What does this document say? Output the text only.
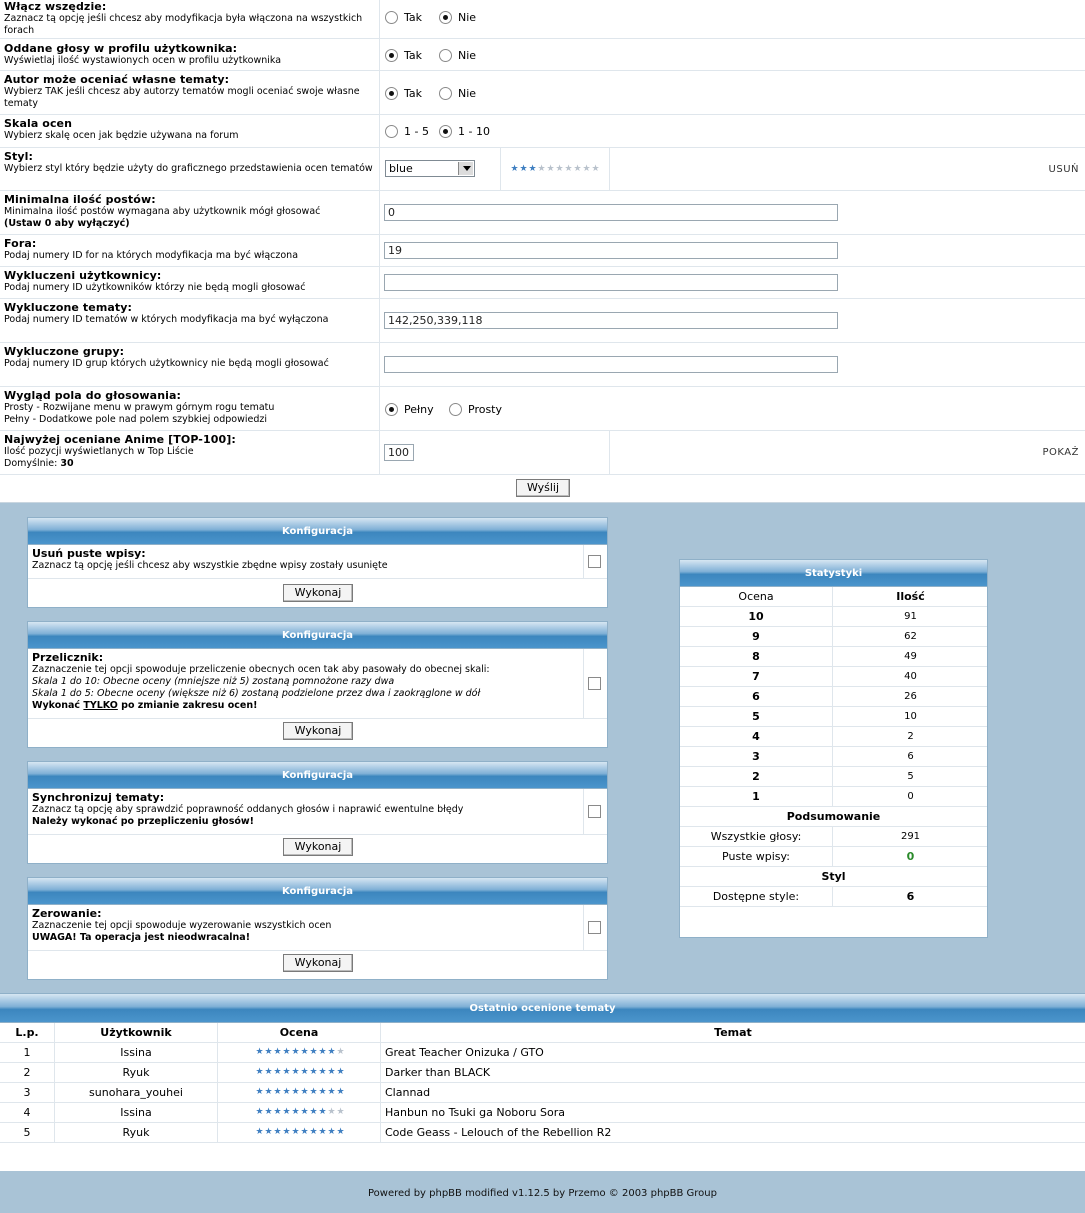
Włącz wszędzie:
Zaznacz tą opcję jeśli chcesz aby modyfikacja była włączona na wszystkich forach
Tak	Nie
Oddane głosy w profilu użytkownika:
Wyświetlaj ilość wystawionych ocen w profilu użytkownika	Tak	Nie
Autor może oceniać własne tematy:
Wybierz TAK jeśli chcesz aby autorzy tematów mogli oceniać swoje własne tematy
Tak	Nie
Skala ocen
Wybierz skalę ocen jak będzie używana na forum	1 - 5	1 - 10
Styl:
Wybierz styl który będzie użyty do graficznego przedstawienia ocen tematów	blue	★ ★ ★ ★ ★ ★ ★ ★ ★ ★	USUŃ
Minimalna ilość postów:
Minimalna ilość postów wymagana aby użytkownik mógł głosować
(Ustaw 0 aby wyłączyć)
0
Fora:
Podaj numery ID for na których modyfikacja ma być włączona	19
Wykluczeni użytkownicy:
Podaj numery ID użytkowników którzy nie będą mogli głosować
Wykluczone tematy:
Podaj numery ID tematów w których modyfikacja ma być wyłączona	142,250,339,118
Wykluczone grupy:
Podaj numery ID grup których użytkownicy nie będą mogli głosować
Wygląd pola do głosowania:
Prosty - Rozwijane menu w prawym górnym rogu tematu
Pełny - Dodatkowe pole nad polem szybkiej odpowiedzi
Pełny	Prosty
Najwyżej oceniane Anime [TOP-100]:
Ilość pozycji wyświetlanych w Top Liście
Domyślnie: 30
100	POKAŻ
Wyślij
Konfiguracja
Usuń puste wpisy:
Zaznacz tą opcję jeśli chcesz aby wszystkie zbędne wpisy zostały usunięte
Wykonaj
Konfiguracja
Przelicznik:
Zaznaczenie tej opcji spowoduje przeliczenie obecnych ocen tak aby pasowały do obecnej skali:
Skala 1 do 10: Obecne oceny (mniejsze niż 5) zostaną pomnożone razy dwa
Skala 1 do 5: Obecne oceny (większe niż 6) zostaną podzielone przez dwa i zaokrąglone w dół
Wykonać TYLKO po zmianie zakresu ocen!
Wykonaj
Konfiguracja
Synchronizuj tematy:
Zaznacz tą opcję aby sprawdzić poprawność oddanych głosów i naprawić ewentulne błędy
Należy wykonać po przepliczeniu głosów!
Wykonaj
Konfiguracja
Zerowanie:
Zaznaczenie tej opcji spowoduje wyzerowanie wszystkich ocen
UWAGA! Ta operacja jest nieodwracalna!
Wykonaj
Statystyki
Ocena	Ilość
10	91
9	62
8	49
7	40
6	26
5	10
4	2
3	6
2	5
1	0
Podsumowanie
Wszystkie głosy:	291
Puste wpisy:	0
Styl
Dostępne style:	6
Ostatnio ocenione tematy
L.p.	Użytkownik	Ocena	Temat
1	Issina	★ ★ ★ ★ ★ ★ ★ ★ ★ ★	Great Teacher Onizuka / GTO
2	Ryuk	★ ★ ★ ★ ★ ★ ★ ★ ★ ★	Darker than BLACK
3	sunohara_youhei	★ ★ ★ ★ ★ ★ ★ ★ ★ ★	Clannad
4	Issina	★ ★ ★ ★ ★ ★ ★ ★ ★ ★	Hanbun no Tsuki ga Noboru Sora
5	Ryuk	★ ★ ★ ★ ★ ★ ★ ★ ★ ★	Code Geass - Lelouch of the Rebellion R2
Powered by phpBB modified v1.12.5 by Przemo © 2003 phpBB Group
